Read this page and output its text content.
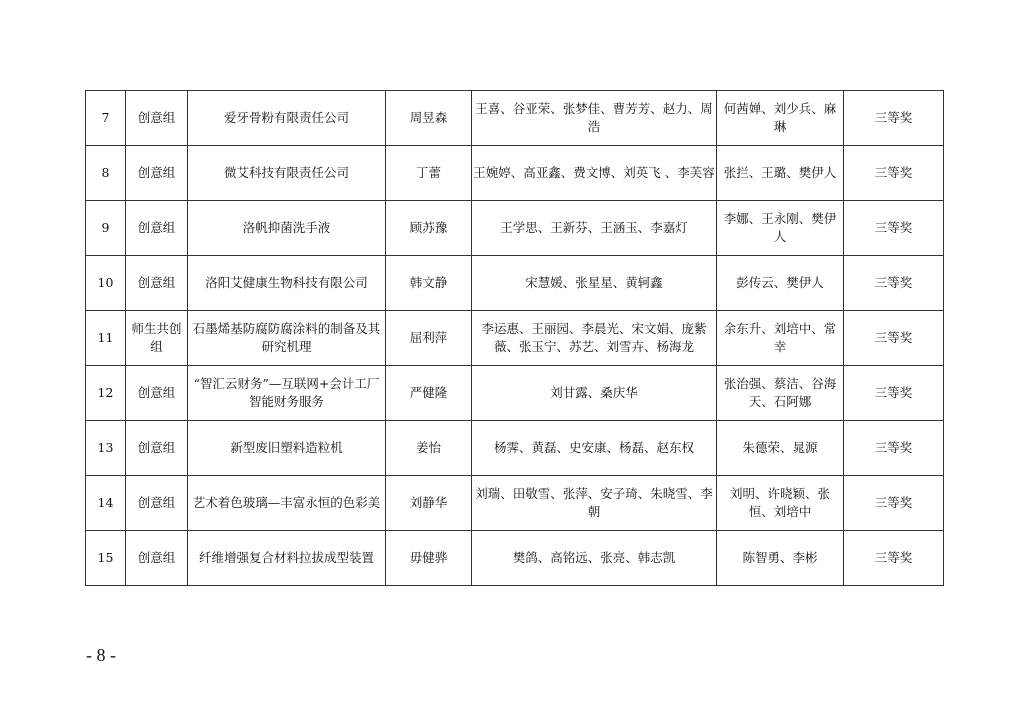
7	创意组	爱牙骨粉有限责任公司	周昱森	王喜、谷亚荣、张梦佳、曹芳芳、赵力、周浩	何茜婵、刘少兵、麻琳	三等奖
8	创意组	微艾科技有限责任公司	丁蕾	王婉婷、高亚鑫、费文博、刘英飞 、李芙容	张拦、王璐、樊伊人	三等奖
9	创意组	洛帆抑菌洗手液	顾苏豫	王学思、王新芬、王涵玉、李嘉灯	李娜、王永刚、樊伊人	三等奖
10	创意组	洛阳艾健康生物科技有限公司	韩文静	宋慧媛、张星星、黄轲鑫	彭传云、樊伊人	三等奖
11	师生共创组	石墨烯基防腐防腐涂料的制备及其研究机理	屈利萍	李运惠、王丽园、李晨光、宋文娟、庞紫薇、张玉宁、苏艺、刘雪卉、杨海龙	余东升、刘培中、常幸	三等奖
12	创意组	“智汇云财务”—互联网+会计工厂智能财务服务	严健隆	刘甘露、桑庆华	张治强、蔡洁、谷海天、石阿娜	三等奖
13	创意组	新型废旧塑料造粒机	姜怡	杨霁、黄磊、史安康、杨磊、赵东权	朱德荣、晁源	三等奖
14	创意组	艺术着色玻璃—丰富永恒的色彩美	刘静华	刘瑞、田敬雪、张萍、安子琦、朱晓雪、李朝	刘明、许晓颖、张恒、刘培中	三等奖
15	创意组	纤维增强复合材料拉拔成型装置	毋健骅	樊鸽、高铭远、张亮、韩志凯	陈智勇、李彬	三等奖
- 8 -
